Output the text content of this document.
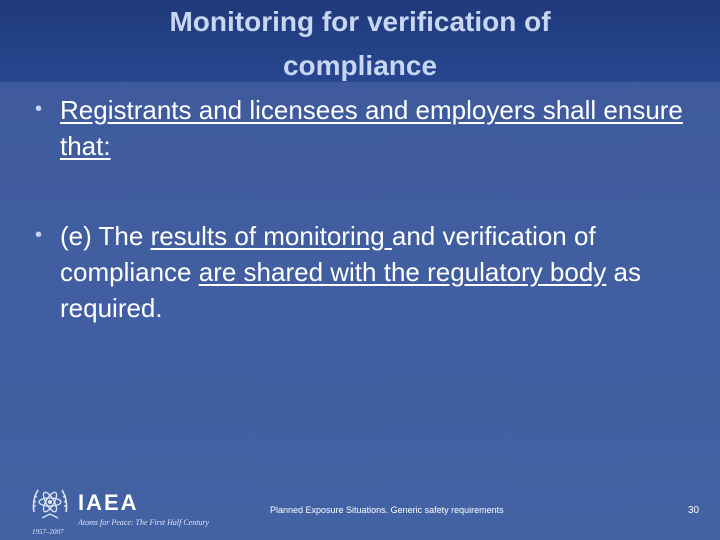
Monitoring for verification of
compliance
• Registrants and licensees and employers shall ensure that:
• (e) The results of monitoring and verification of compliance are shared with the regulatory body as required.
IAEA
Atoms for Peace: The First Half Century
1957–2007
Planned Exposure Situations. Generic safety requirements	30
